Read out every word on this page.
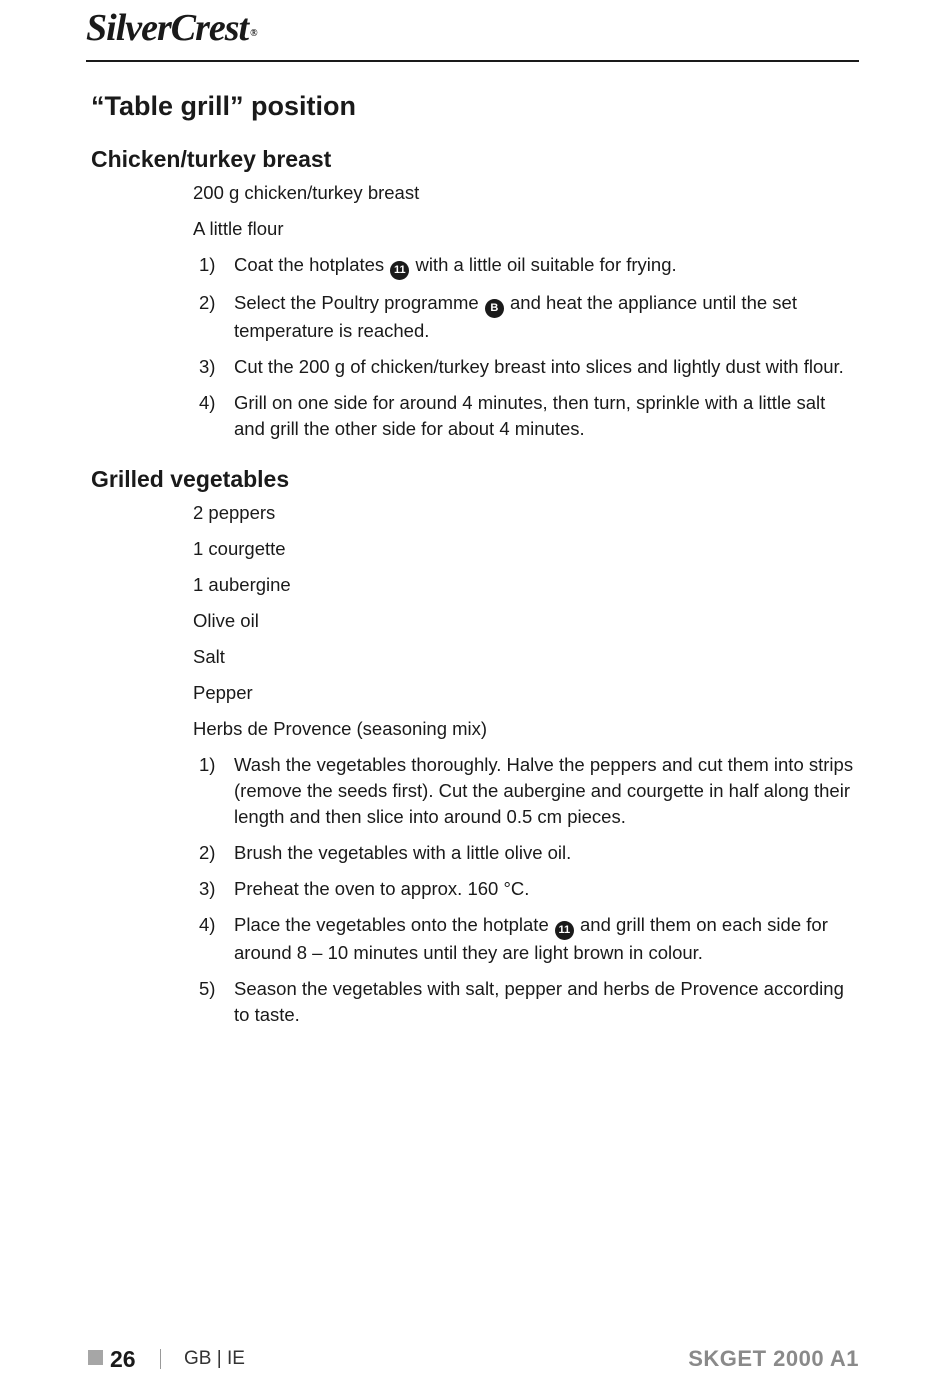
SilverCrest ®
“Table grill” position
Chicken/turkey breast
200 g chicken/turkey breast
A little flour
1) Coat the hotplates 11 with a little oil suitable for frying.
2) Select the Poultry programme B and heat the appliance until the set temperature is reached.
3) Cut the 200 g of chicken/turkey breast into slices and lightly dust with flour.
4) Grill on one side for around 4 minutes, then turn, sprinkle with a little salt and grill the other side for about 4 minutes.
Grilled vegetables
2 peppers
1 courgette
1 aubergine
Olive oil
Salt
Pepper
Herbs de Provence (seasoning mix)
1) Wash the vegetables thoroughly. Halve the peppers and cut them into strips (remove the seeds first). Cut the aubergine and courgette in half along their length and then slice into around 0.5 cm pieces.
2) Brush the vegetables with a little olive oil.
3) Preheat the oven to approx. 160 °C.
4) Place the vegetables onto the hotplate 11 and grill them on each side for around 8 – 10 minutes until they are light brown in colour.
5) Season the vegetables with salt, pepper and herbs de Provence according to taste.
26	GB | IE	SKGET 2000 A1
